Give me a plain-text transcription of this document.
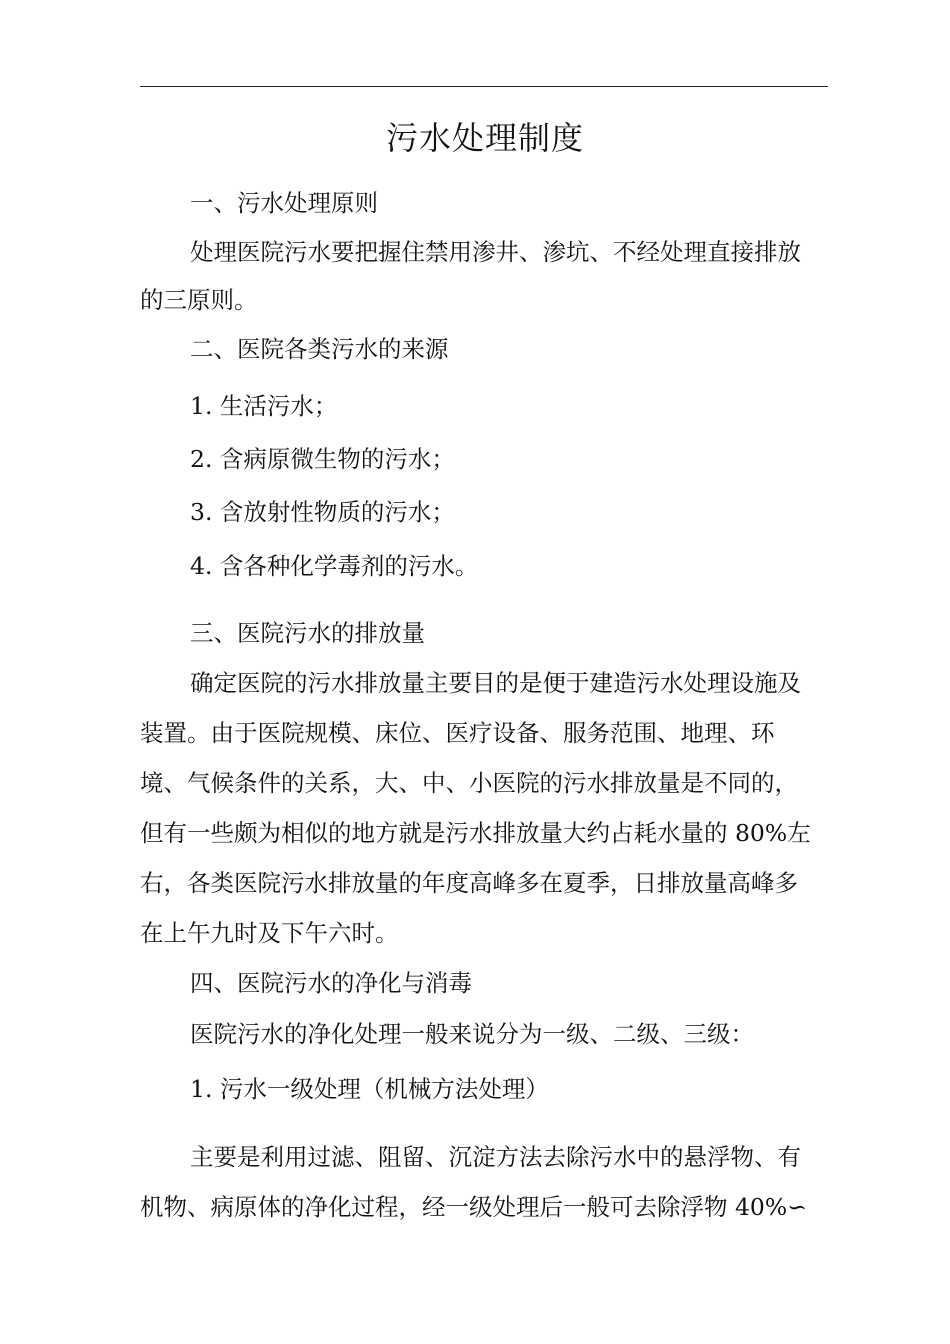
污水处理制度
一、污水处理原则
处理医院污水要把握住禁用渗井、渗坑、不经处理直接排放
的三原则。
二、医院各类污水的来源
1. 生活污水；
2. 含病原微生物的污水；
3. 含放射性物质的污水；
4. 含各种化学毒剂的污水。
三、医院污水的排放量
确定医院的污水排放量主要目的是便于建造污水处理设施及
装置。由于医院规模、床位、医疗设备、服务范围、地理、环
境、气候条件的关系，大、中、小医院的污水排放量是不同的，
但有一些颇为相似的地方就是污水排放量大约占耗水量的 80%左
右，各类医院污水排放量的年度高峰多在夏季，日排放量高峰多
在上午九时及下午六时。
四、医院污水的净化与消毒
医院污水的净化处理一般来说分为一级、二级、三级：
1. 污水一级处理（机械方法处理）
主要是利用过滤、阻留、沉淀方法去除污水中的悬浮物、有
机物、病原体的净化过程，经一级处理后一般可去除浮物 40%∽
